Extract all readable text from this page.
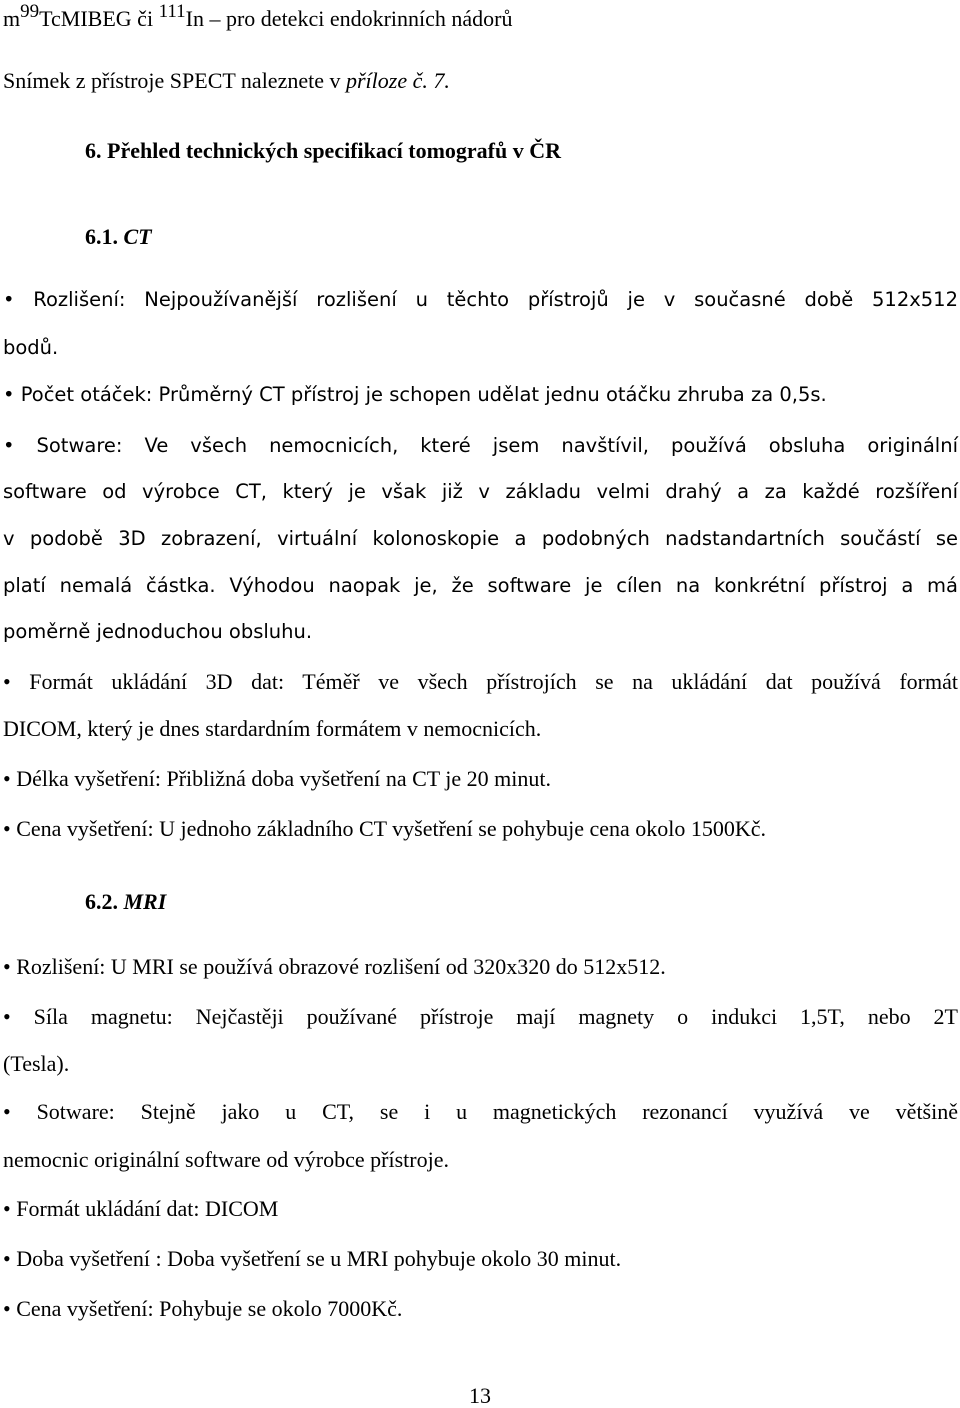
$m^{99}TcMIBEG$ či $^{111}$In – pro detekci endokrinních nádorů
Snímek z přístroje SPECT naleznete v příloze č. 7.
6. Přehled technických specifikací tomografů v ČR
6.1. CT
• Rozlišení: Nejpoužívanější rozlišení u těchto přístrojů je v současné době 512x512
bodů.
• Počet otáček: Průměrný CT přístroj je schopen udělat jednu otáčku zhruba za 0,5s.
• Sotware: Ve všech nemocnicích, které jsem navštívil, používá obsluha originální
software od výrobce CT, který je však již v základu velmi drahý a za každé rozšíření
v podobě 3D zobrazení, virtuální kolonoskopie a podobných nadstandartních součástí se
platí nemalá částka. Výhodou naopak je, že software je cílen na konkrétní přístroj a má
poměrně jednoduchou obsluhu.
• Formát ukládání 3D dat: Téměř ve všech přístrojích se na ukládání dat používá formát
DICOM, který je dnes stardardním formátem v nemocnicích.
• Délka vyšetření: Přibližná doba vyšetření na CT je 20 minut.
• Cena vyšetření: U jednoho základního CT vyšetření se pohybuje cena okolo 1500Kč.
6.2. MRI
• Rozlišení: U MRI se používá obrazové rozlišení od 320x320 do 512x512.
• Síla magnetu: Nejčastěji používané přístroje mají magnety o indukci 1,5T, nebo 2T
(Tesla).
• Sotware: Stejně jako u CT, se i u magnetických rezonancí využívá ve většině
nemocnic originální software od výrobce přístroje.
• Formát ukládání dat: DICOM
• Doba vyšetření : Doba vyšetření se u MRI pohybuje okolo 30 minut.
• Cena vyšetření: Pohybuje se okolo 7000Kč.
13
